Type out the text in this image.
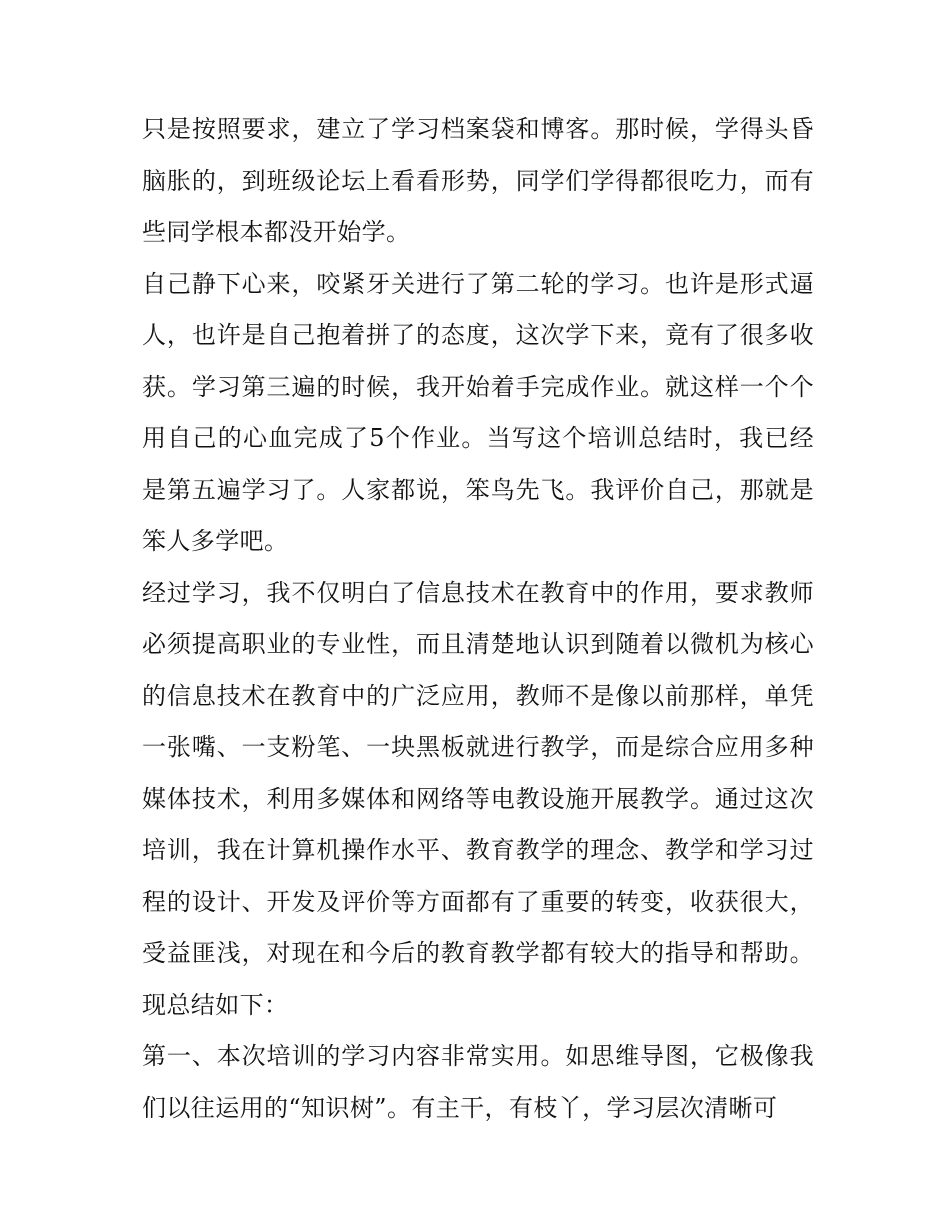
只是按照要求，建立了学习档案袋和博客。那时候，学得头昏脑胀的，到班级论坛上看看形势，同学们学得都很吃力，而有些同学根本都没开始学。

自己静下心来，咬紧牙关进行了第二轮的学习。也许是形式逼人，也许是自己抱着拼了的态度，这次学下来，竟有了很多收获。学习第三遍的时候，我开始着手完成作业。就这样一个个用自己的心血完成了5个作业。当写这个培训总结时，我已经是第五遍学习了。人家都说，笨鸟先飞。我评价自己，那就是笨人多学吧。

经过学习，我不仅明白了信息技术在教育中的作用，要求教师必须提高职业的专业性，而且清楚地认识到随着以微机为核心的信息技术在教育中的广泛应用，教师不是像以前那样，单凭一张嘴、一支粉笔、一块黑板就进行教学，而是综合应用多种媒体技术，利用多媒体和网络等电教设施开展教学。通过这次培训，我在计算机操作水平、教育教学的理念、教学和学习过程的设计、开发及评价等方面都有了重要的转变，收获很大，受益匪浅，对现在和今后的教育教学都有较大的指导和帮助。现总结如下：

第一、本次培训的学习内容非常实用。如思维导图，它极像我们以往运用的“知识树”。有主干，有枝丫，学习层次清晰可
